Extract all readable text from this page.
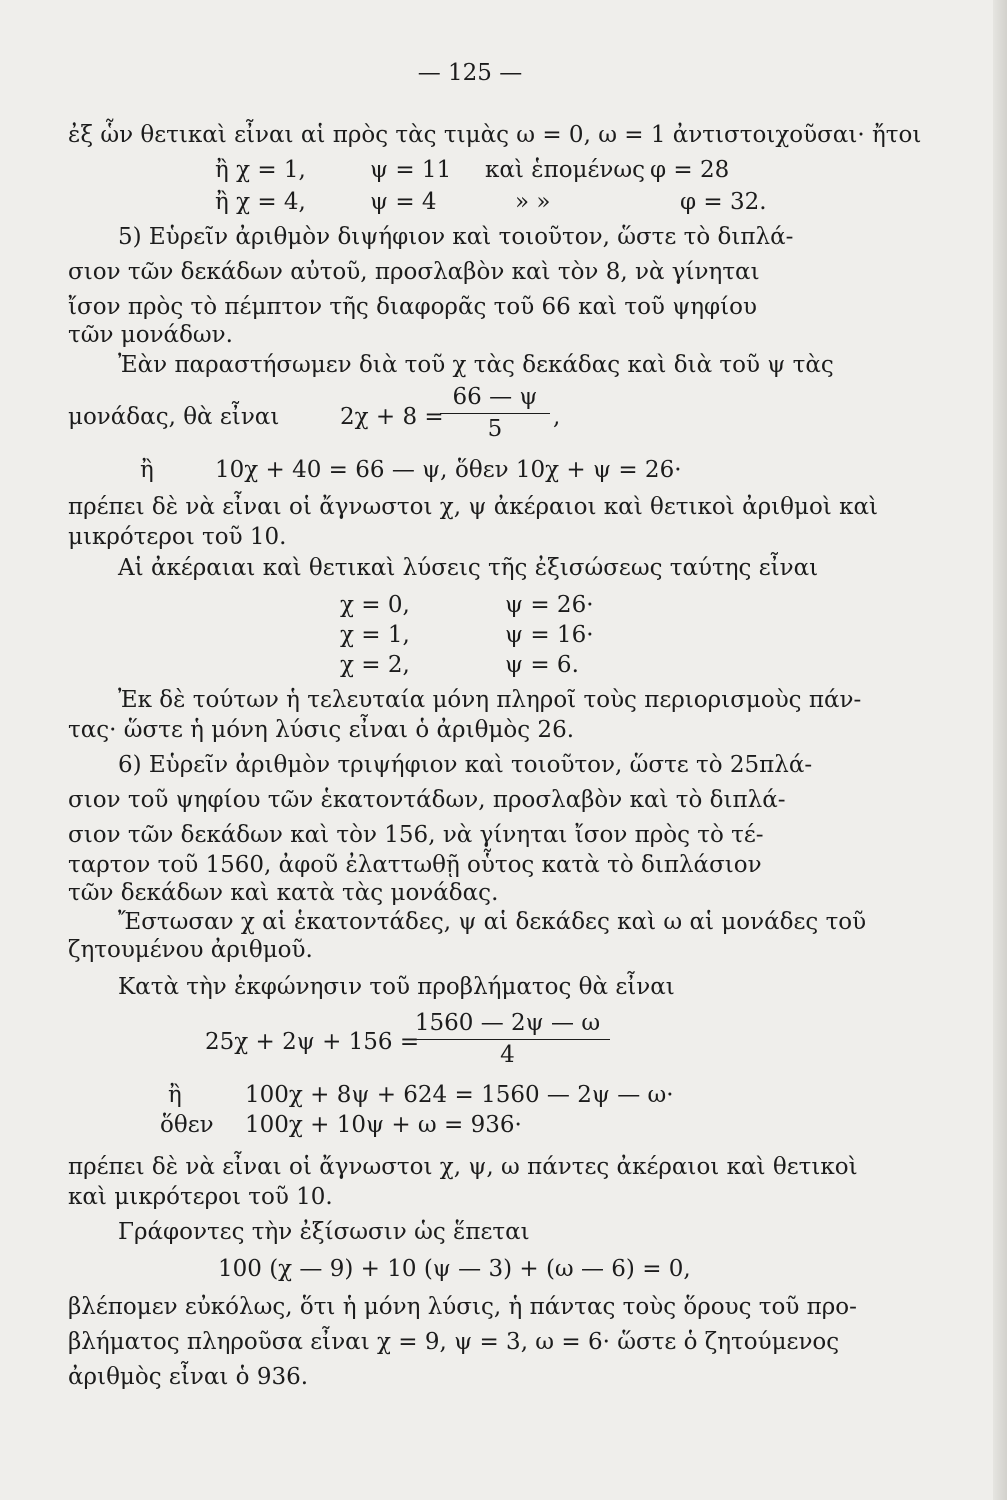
— 125 —
ἐξ ὧν θετικαὶ εἶναι αἱ πρὸς τὰς τιμὰς ω = 0, ω = 1 ἀντιστοιχοῦσαι· ἤτοι
ἢ χ = 1,	ψ = 11 καὶ ἑπομένως φ = 28
ἢ χ = 4,	ψ = 4	» »	φ = 32.
5) Εὑρεῖν ἀριθμὸν διψήφιον καὶ τοιοῦτον, ὥστε τὸ διπλά-
σιον τῶν δεκάδων αὐτοῦ, προσλαβὸν καὶ τὸν 8, νὰ γίνηται
ἴσον πρὸς τὸ πέμπτον τῆς διαφορᾶς τοῦ 66 καὶ τοῦ ψηφίου
τῶν μονάδων.
Ἐὰν παραστήσωμεν διὰ τοῦ χ τὰς δεκάδας καὶ διὰ τοῦ ψ τὰς
μονάδας, θὰ εἶναι	2χ + 8 =
66 — ψ
5	,
ἢ	10χ + 40 = 66 — ψ, ὅθεν 10χ + ψ = 26·
πρέπει δὲ νὰ εἶναι οἱ ἄγνωστοι χ, ψ ἀκέραιοι καὶ θετικοὶ ἀριθμοὶ καὶ
μικρότεροι τοῦ 10.
Αἱ ἀκέραιαι καὶ θετικαὶ λύσεις τῆς ἐξισώσεως ταύτης εἶναι
χ = 0,	ψ = 26·
χ = 1,	ψ = 16·
χ = 2,	ψ = 6.
Ἐκ δὲ τούτων ἡ τελευταία μόνη πληροῖ τοὺς περιορισμοὺς πάν-
τας· ὥστε ἡ μόνη λύσις εἶναι ὁ ἀριθμὸς 26.
6) Εὑρεῖν ἀριθμὸν τριψήφιον καὶ τοιοῦτον, ὥστε τὸ 25πλά-
σιον τοῦ ψηφίου τῶν ἑκατοντάδων, προσλαβὸν καὶ τὸ διπλά-
σιον τῶν δεκάδων καὶ τὸν 156, νὰ γίνηται ἴσον πρὸς τὸ τέ-
ταρτον τοῦ 1560, ἀφοῦ ἐλαττωθῇ οὗτος κατὰ τὸ διπλάσιον
τῶν δεκάδων καὶ κατὰ τὰς μονάδας.
Ἔστωσαν χ αἱ ἑκατοντάδες, ψ αἱ δεκάδες καὶ ω αἱ μονάδες τοῦ
ζητουμένου ἀριθμοῦ.
Κατὰ τὴν ἐκφώνησιν τοῦ προβλήματος θὰ εἶναι
25χ + 2ψ + 156 =
1560 — 2ψ — ω
4
ἢ	100χ + 8ψ + 624 = 1560 — 2ψ — ω·
ὅθεν 100χ + 10ψ + ω = 936·
πρέπει δὲ νὰ εἶναι οἱ ἄγνωστοι χ, ψ, ω πάντες ἀκέραιοι καὶ θετικοὶ
καὶ μικρότεροι τοῦ 10.
Γράφοντες τὴν ἐξίσωσιν ὡς ἕπεται
100 (χ — 9) + 10 (ψ — 3) + (ω — 6) = 0,
βλέπομεν εὐκόλως, ὅτι ἡ μόνη λύσις, ἡ πάντας τοὺς ὅρους τοῦ προ-
βλήματος πληροῦσα εἶναι χ = 9, ψ = 3, ω = 6· ὥστε ὁ ζητούμενος
ἀριθμὸς εἶναι ὁ 936.
